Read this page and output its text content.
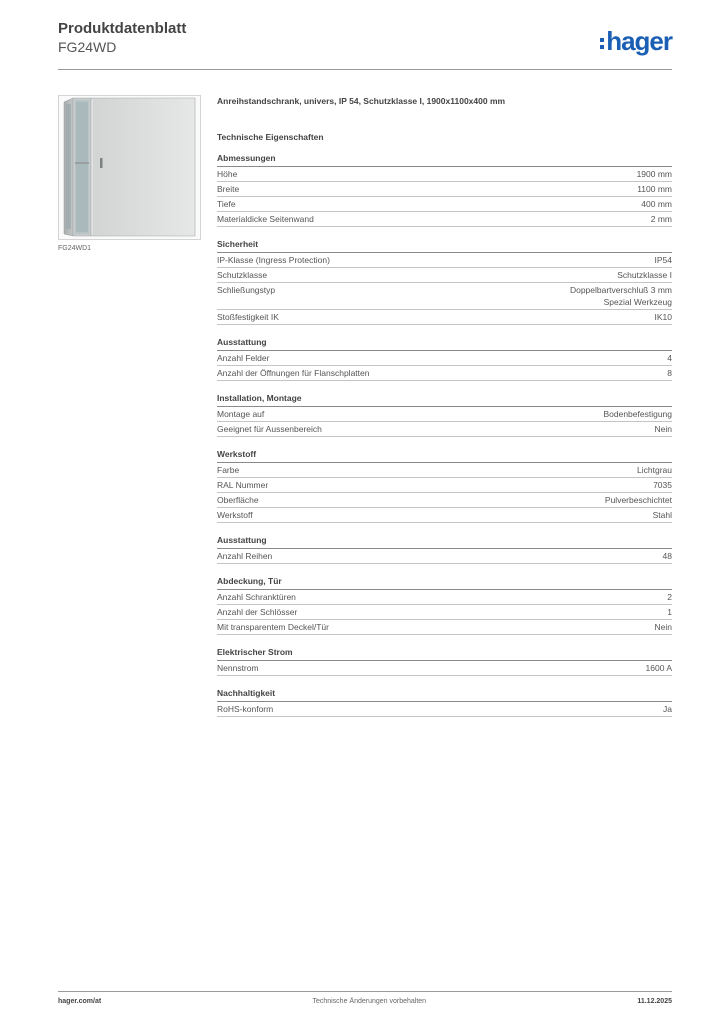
Produktdatenblatt
FG24WD	hager
FG24WD1
Anreihstandschrank, univers, IP 54, Schutzklasse I, 1900x1100x400 mm
Technische Eigenschaften
Abmessungen
Höhe	1900 mm
Breite	1100 mm
Tiefe	400 mm
Materialdicke Seitenwand	2 mm
Sicherheit
IP-Klasse (Ingress Protection)	IP54
Schutzklasse	Schutzklasse I
Schließungstyp	Doppelbartverschluß 3 mm
Spezial Werkzeug
Stoßfestigkeit IK	IK10
Ausstattung
Anzahl Felder	4
Anzahl der Öffnungen für Flanschplatten	8
Installation, Montage
Montage auf	Bodenbefestigung
Geeignet für Aussenbereich	Nein
Werkstoff
Farbe	Lichtgrau
RAL Nummer	7035
Oberfläche	Pulverbeschichtet
Werkstoff	Stahl
Ausstattung
Anzahl Reihen	48
Abdeckung, Tür
Anzahl Schranktüren	2
Anzahl der Schlösser	1
Mit transparentem Deckel/Tür	Nein
Elektrischer Strom
Nennstrom	1600 A
Nachhaltigkeit
RoHS-konform	Ja
hager.com/at	Technische Änderungen vorbehalten	11.12.2025
